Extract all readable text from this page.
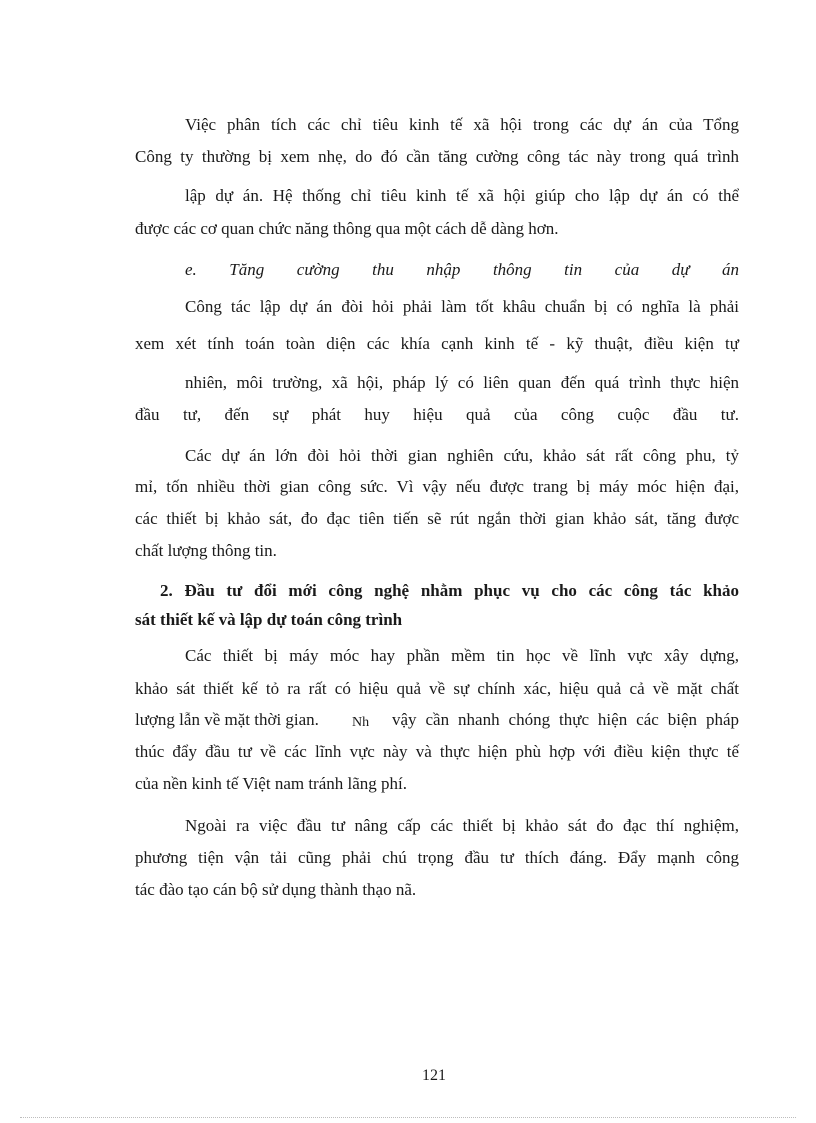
Việc phân tích các chỉ tiêu kinh tế xã hội trong các dự án của Tổng
Công ty thường bị xem nhẹ, do đó cần tăng cường công tác này trong quá trình
lập dự án. Hệ thống chỉ tiêu kinh tế xã hội giúp cho lập dự án có thể
được các cơ quan chức năng thông qua một cách dễ dàng hơn.
e. Tăng cường thu nhập thông tin của dự án
Công tác lập dự án đòi hỏi phải làm tốt khâu chuẩn bị có nghĩa là phải
xem xét tính toán toàn diện các khía cạnh kinh tế - kỹ thuật, điều kiện tự
nhiên, môi trường, xã hội, pháp lý có liên quan đến quá trình thực hiện
đầu tư, đến sự phát huy hiệu quả của công cuộc đầu tư.
Các dự án lớn đòi hỏi thời gian nghiên cứu, khảo sát rất công phu, tỷ
mỉ, tốn nhiều thời gian công sức. Vì vậy nếu được trang bị máy móc hiện đại,
các thiết bị khảo sát, đo đạc tiên tiến sẽ rút ngắn thời gian khảo sát, tăng được
chất lượng thông tin.
2. Đầu tư đổi mới công nghệ nhằm phục vụ cho các công tác khảo
sát thiết kế và lập dự toán công trình
Các thiết bị máy móc hay phần mềm tin học về lĩnh vực xây dựng,
khảo sát thiết kế tỏ ra rất có hiệu quả về sự chính xác, hiệu quả cả về mặt chất
lượng lẫn về mặt thời gian. Nh vậy cần nhanh chóng thực hiện các biện pháp
thúc đẩy đầu tư về các lĩnh vực này và thực hiện phù hợp với điều kiện thực tế
của nền kinh tế Việt nam tránh lãng phí.
Ngoài ra việc đầu tư nâng cấp các thiết bị khảo sát đo đạc thí nghiệm,
phương tiện vận tải cũng phải chú trọng đầu tư thích đáng. Đẩy mạnh công
tác đào tạo cán bộ sử dụng thành thạo nã.
121
